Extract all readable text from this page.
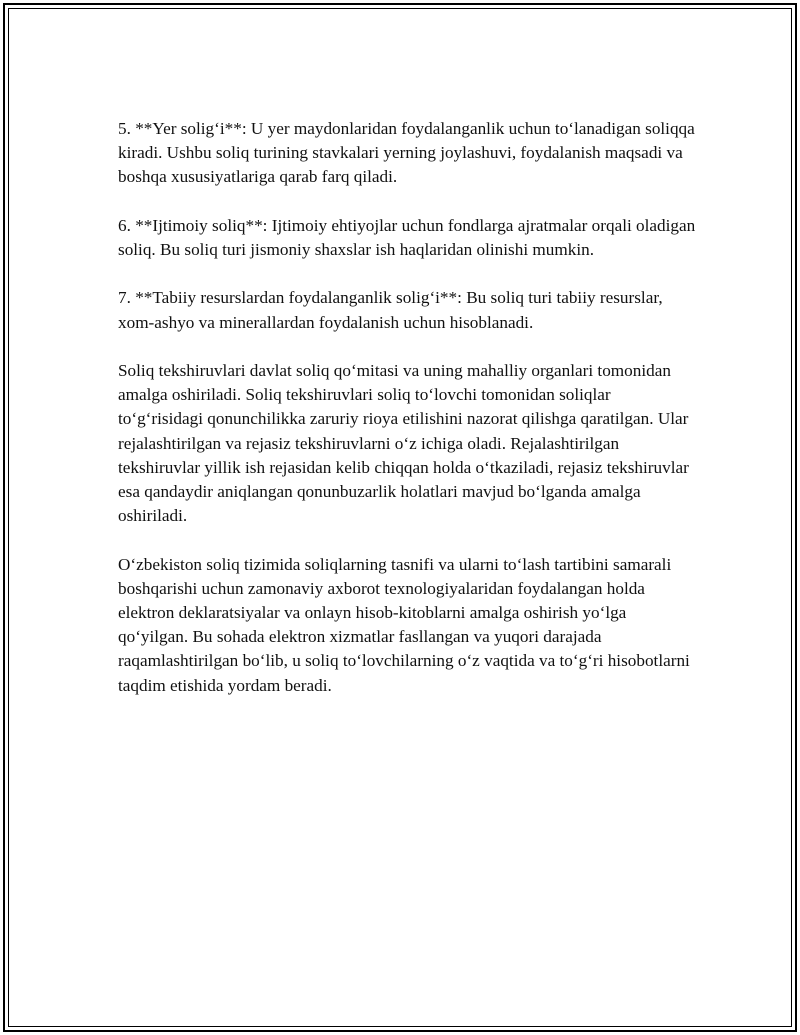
5. **Yer solig‘i**: U yer maydonlaridan foydalanganlik uchun to‘lanadigan soliqqa kiradi. Ushbu soliq turining stavkalari yerning joylashuvi, foydalanish maqsadi va boshqa xususiyatlariga qarab farq qiladi.

6. **Ijtimoiy soliq**: Ijtimoiy ehtiyojlar uchun fondlarga ajratmalar orqali oladigan soliq. Bu soliq turi jismoniy shaxslar ish haqlaridan olinishi mumkin.

7. **Tabiiy resurslardan foydalanganlik solig‘i**: Bu soliq turi tabiiy resurslar, xom-ashyo va minerallardan foydalanish uchun hisoblanadi.

Soliq tekshiruvlari davlat soliq qo‘mitasi va uning mahalliy organlari tomonidan amalga oshiriladi. Soliq tekshiruvlari soliq to‘lovchi tomonidan soliqlar to‘g‘risidagi qonunchilikka zaruriy rioya etilishini nazorat qilishga qaratilgan. Ular rejalashtirilgan va rejasiz tekshiruvlarni o‘z ichiga oladi. Rejalashtirilgan tekshiruvlar yillik ish rejasidan kelib chiqqan holda o‘tkaziladi, rejasiz tekshiruvlar esa qandaydir aniqlangan qonunbuzarlik holatlari mavjud bo‘lganda amalga oshiriladi.

O‘zbekiston soliq tizimida soliqlarning tasnifi va ularni to‘lash tartibini samarali boshqarishi uchun zamonaviy axborot texnologiyalaridan foydalangan holda elektron deklaratsiyalar va onlayn hisob-kitoblarni amalga oshirish yo‘lga qo‘yilgan. Bu sohada elektron xizmatlar fasllangan va yuqori darajada raqamlashtirilgan bo‘lib, u soliq to‘lovchilarning o‘z vaqtida va to‘g‘ri hisobotlarni taqdim etishida yordam beradi.
